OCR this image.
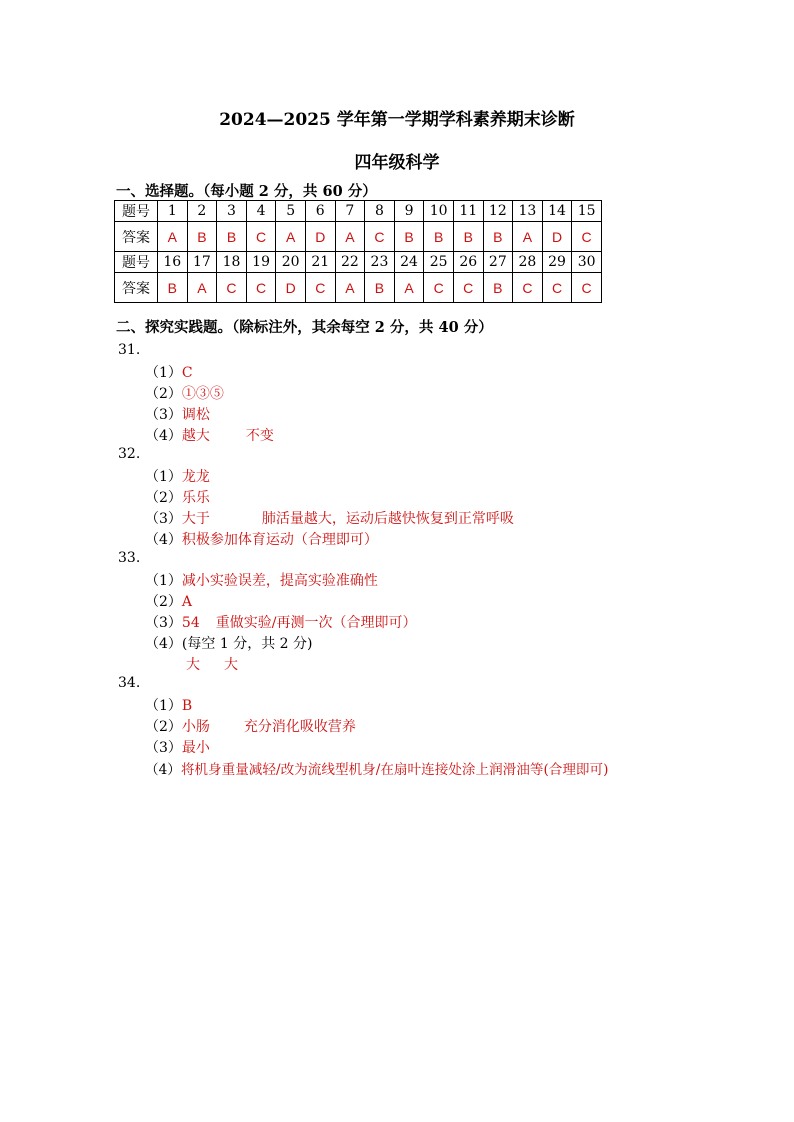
2024—2025 学年第一学期学科素养期末诊断
四年级科学
一、选择题。（每小题 2 分，共 60 分）
题号	1	2	3	4	5	6	7	8	9	10	11	12	13	14	15
答案	A	B	B	C	A	D	A	C	B	B	B	B	A	D	C
题号	16	17	18	19	20	21	22	23	24	25	26	27	28	29	30
答案	B	A	C	C	D	C	A	B	A	C	C	B	C	C	C
二、探究实践题。（除标注外，其余每空 2 分，共 40 分）
31.
（1）C
（2）①③⑤
（3）调松
（4）越大	不变
32.
（1）龙龙
（2）乐乐
（3）大于	肺活量越大，运动后越快恢复到正常呼吸
（4）积极参加体育运动（合理即可）
33.
（1）减小实验误差，提高实验准确性
（2）A
（3）54 重做实验/再测一次（合理即可）
（4）(每空 1 分，共 2 分)
大 大
34.
（1）B
（2）小肠 充分消化吸收营养
（3）最小
（4）将机身重量减轻/改为流线型机身/在扇叶连接处涂上润滑油等(合理即可)
